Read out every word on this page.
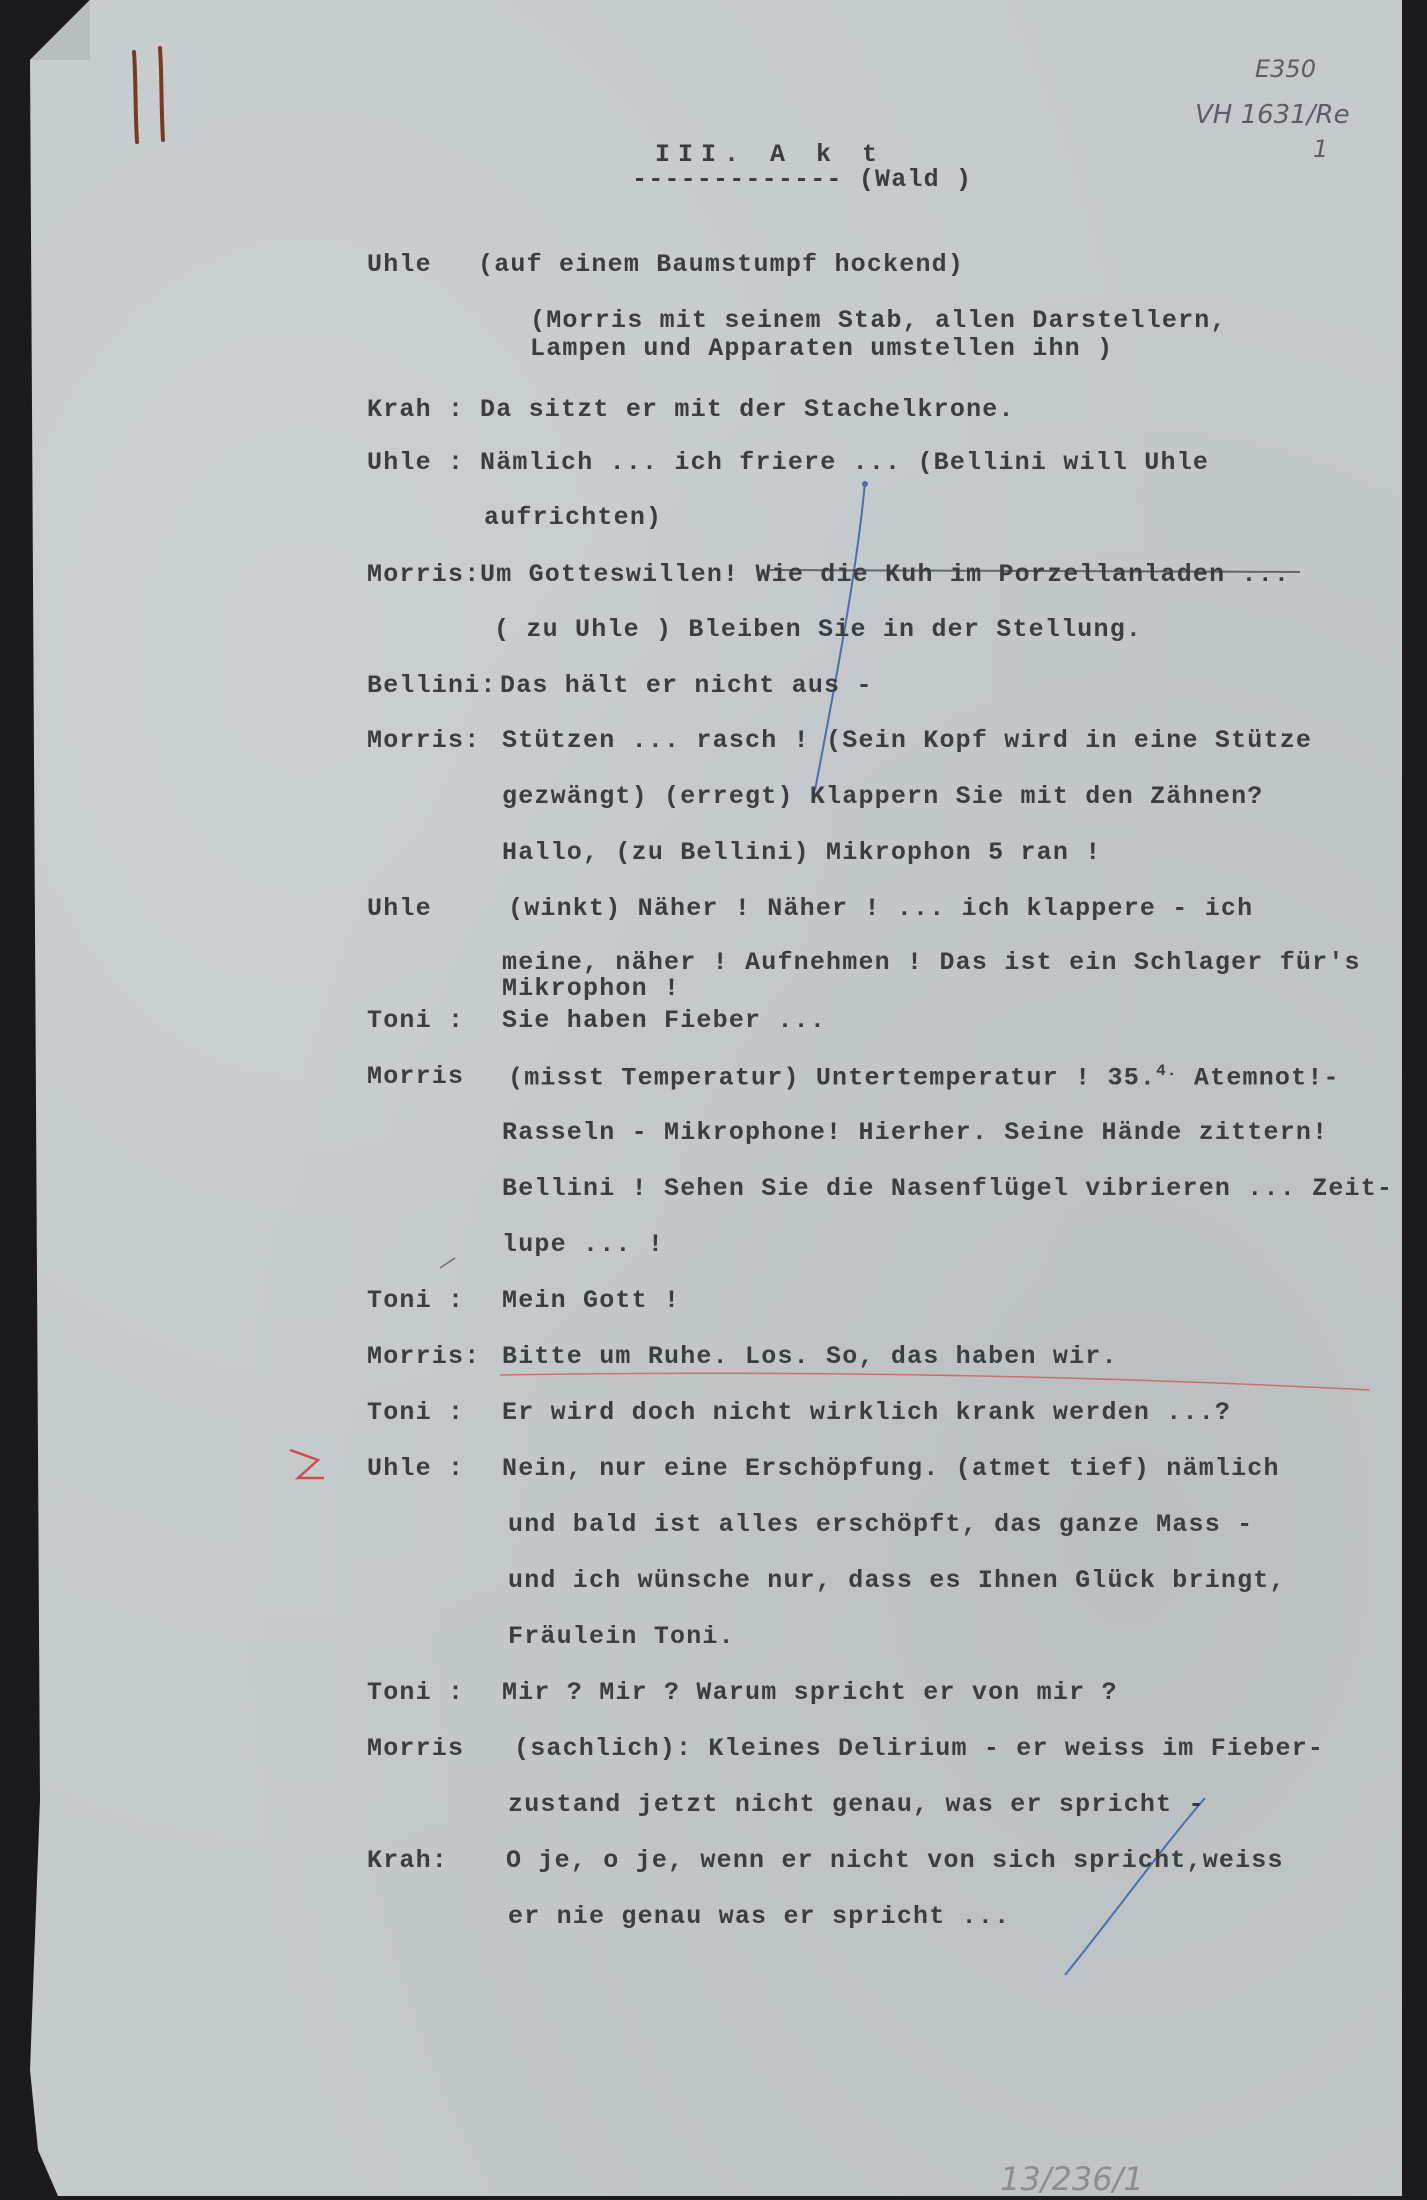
E350
VH 1631/Re
1
13/236/1
III. A k t
------------- (Wald )
Uhle (auf einem Baumstumpf hockend)
(Morris mit seinem Stab, allen Darstellern,
Lampen und Apparaten umstellen ihn )
Krah : Da sitzt er mit der Stachelkrone.
Uhle : Nämlich ... ich friere ... (Bellini will Uhle
aufrichten)
Morris: Um Gotteswillen! Wie die Kuh im Porzellanladen ...
( zu Uhle ) Bleiben Sie in der Stellung.
Bellini: Das hält er nicht aus -
Morris: Stützen ... rasch ! (Sein Kopf wird in eine Stütze
gezwängt) (erregt) Klappern Sie mit den Zähnen?
Hallo, (zu Bellini) Mikrophon 5 ran !
Uhle	(winkt) Näher ! Näher ! ... ich klappere - ich
meine, näher ! Aufnehmen ! Das ist ein Schlager für's
Mikrophon !
Toni : Sie haben Fieber ...
Morris (misst Temperatur) Untertemperatur ! 35.$^{4.}$ Atemnot!-
Rasseln - Mikrophone! Hierher. Seine Hände zittern!
Bellini ! Sehen Sie die Nasenflügel vibrieren ... Zeit-
lupe ... !
Toni : Mein Gott !
Morris: Bitte um Ruhe. Los. So, das haben wir.
Toni : Er wird doch nicht wirklich krank werden ...?
Uhle : Nein, nur eine Erschöpfung. (atmet tief) nämlich
und bald ist alles erschöpft, das ganze Mass -
und ich wünsche nur, dass es Ihnen Glück bringt,
Fräulein Toni.
Toni : Mir ? Mir ? Warum spricht er von mir ?
Morris (sachlich): Kleines Delirium - er weiss im Fieber-
zustand jetzt nicht genau, was er spricht -
Krah: O je, o je, wenn er nicht von sich spricht,weiss
er nie genau was er spricht ...
